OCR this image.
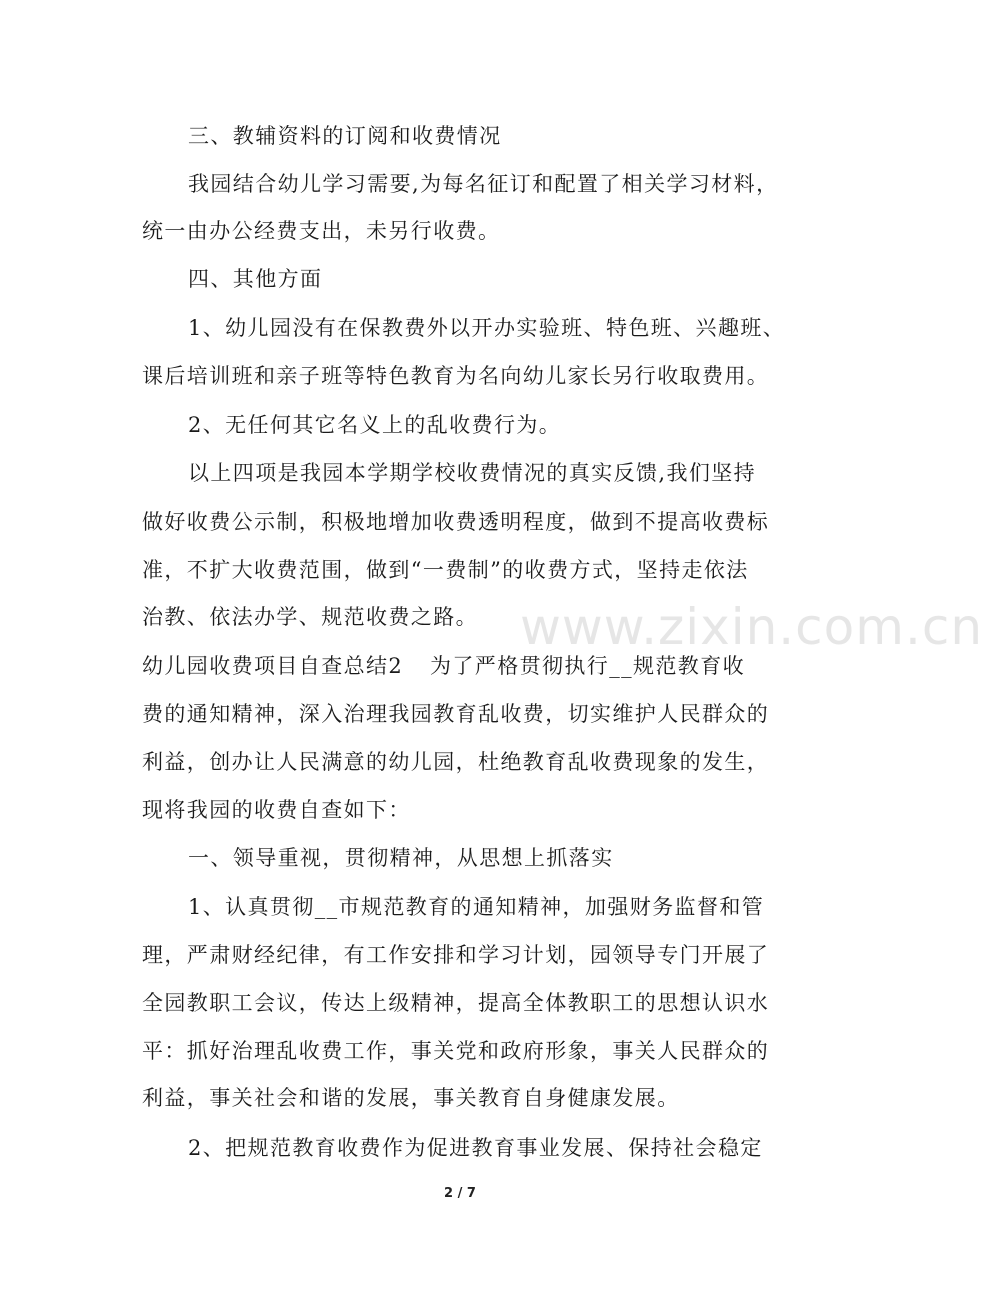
www.zixin.com.cn
三、教辅资料的订阅和收费情况
我园结合幼儿学习需要,为每名征订和配置了相关学习材料，
统一由办公经费支出，未另行收费。
四、其他方面
1、幼儿园没有在保教费外以开办实验班、特色班、兴趣班、
课后培训班和亲子班等特色教育为名向幼儿家长另行收取费用。
2、无任何其它名义上的乱收费行为。
以上四项是我园本学期学校收费情况的真实反馈,我们坚持
做好收费公示制，积极地增加收费透明程度，做到不提高收费标
准，不扩大收费范围，做到“一费制”的收费方式，坚持走依法
治教、依法办学、规范收费之路。
幼儿园收费项目自查总结2 为了严格贯彻执行__规范教育收
费的通知精神，深入治理我园教育乱收费，切实维护人民群众的
利益，创办让人民满意的幼儿园，杜绝教育乱收费现象的发生，
现将我园的收费自查如下：
一、领导重视，贯彻精神，从思想上抓落实
1、认真贯彻__市规范教育的通知精神，加强财务监督和管
理，严肃财经纪律，有工作安排和学习计划，园领导专门开展了
全园教职工会议，传达上级精神，提高全体教职工的思想认识水
平：抓好治理乱收费工作，事关党和政府形象，事关人民群众的
利益，事关社会和谐的发展，事关教育自身健康发展。
2、把规范教育收费作为促进教育事业发展、保持社会稳定
2 / 7
